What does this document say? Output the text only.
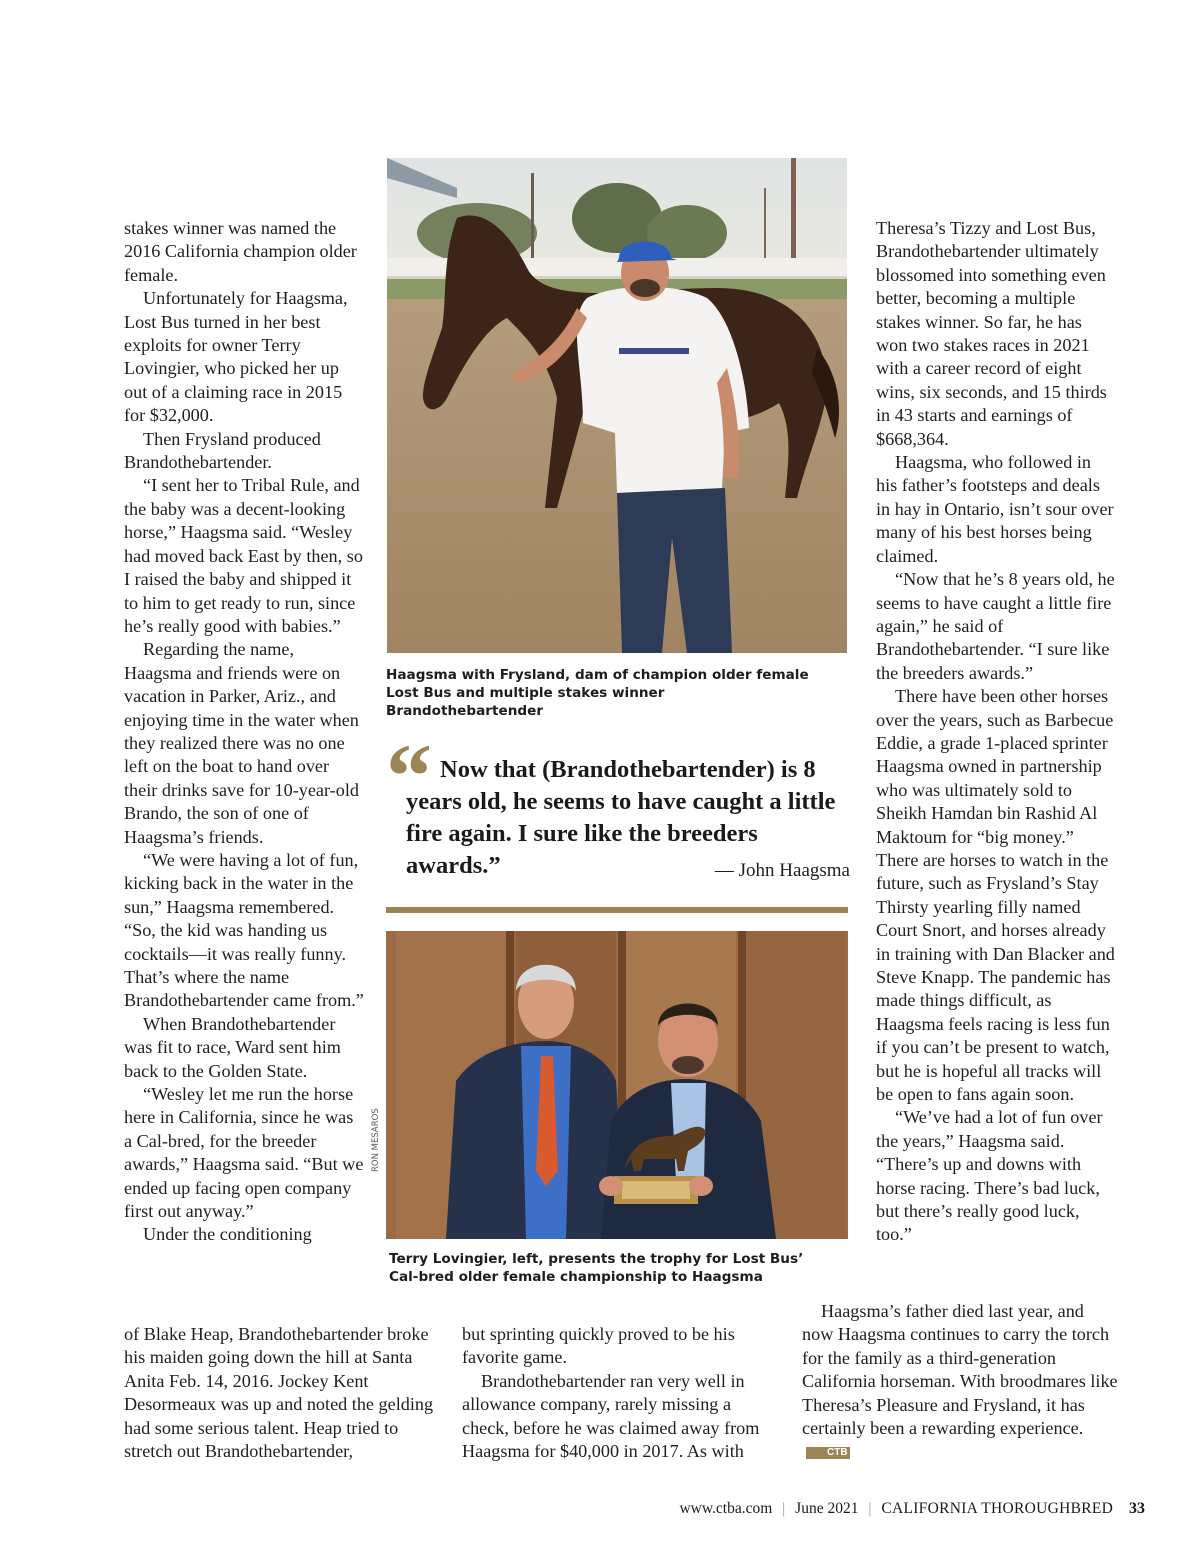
stakes winner was named the 2016 California champion older female.

Unfortunately for Haagsma, Lost Bus turned in her best exploits for owner Terry Lovingier, who picked her up out of a claiming race in 2015 for $32,000.

Then Frysland produced Brandothebartender.

“I sent her to Tribal Rule, and the baby was a decent-looking horse,” Haagsma said. “Wesley had moved back East by then, so I raised the baby and shipped it to him to get ready to run, since he’s really good with babies.”

Regarding the name, Haagsma and friends were on vacation in Parker, Ariz., and enjoying time in the water when they realized there was no one left on the boat to hand over their drinks save for 10-year-old Brando, the son of one of Haagsma’s friends.

“We were having a lot of fun, kicking back in the water in the sun,” Haagsma remembered. “So, the kid was handing us cocktails—it was really funny. That’s where the name Brandothebartender came from.”

When Brandothebartender was fit to race, Ward sent him back to the Golden State.

“Wesley let me run the horse here in California, since he was a Cal-bred, for the breeder awards,” Haagsma said. “But we ended up facing open company first out anyway.”

Under the conditioning

of Blake Heap, Brandothebartender broke his maiden going down the hill at Santa Anita Feb. 14, 2016. Jockey Kent Desormeaux was up and noted the gelding had some serious talent. Heap tried to stretch out Brandothebartender,

but sprinting quickly proved to be his favorite game.

Brandothebartender ran very well in allowance company, rarely missing a check, before he was claimed away from Haagsma for $40,000 in 2017. As with

Theresa’s Tizzy and Lost Bus, Brandothebartender ultimately blossomed into something even better, becoming a multiple stakes winner. So far, he has won two stakes races in 2021 with a career record of eight wins, six seconds, and 15 thirds in 43 starts and earnings of $668,364.

Haagsma, who followed in his father’s footsteps and deals in hay in Ontario, isn’t sour over many of his best horses being claimed.

“Now that he’s 8 years old, he seems to have caught a little fire again,” he said of Brandothebartender. “I sure like the breeders awards.”

There have been other horses over the years, such as Barbecue Eddie, a grade 1-placed sprinter Haagsma owned in partnership who was ultimately sold to Sheikh Hamdan bin Rashid Al Maktoum for “big money.” There are horses to watch in the future, such as Frysland’s Stay Thirsty yearling filly named Court Snort, and horses already in training with Dan Blacker and Steve Knapp. The pandemic has made things difficult, as Haagsma feels racing is less fun if you can’t be present to watch, but he is hopeful all tracks will be open to fans again soon.

“We’ve had a lot of fun over the years,” Haagsma said. “There’s up and downs with horse racing. There’s bad luck, but there’s really good luck, too.”

Haagsma’s father died last year, and now Haagsma continues to carry the torch for the family as a third-generation California horseman. With broodmares like Theresa’s Pleasure and Frysland, it has certainly been a rewarding experience.CTB

Haagsma with Frysland, dam of champion older female Lost Bus and multiple stakes winner Brandothebartender
“ Now that (Brandothebartender) is 8 years old, he seems to have caught a little fire again. I sure like the breeders awards.”	— John Haagsma
RON MESAROS
Terry Lovingier, left, presents the trophy for Lost Bus’ Cal-bred older female championship to Haagsma
www.ctba.com | June 2021 | CALIFORNIA THOROUGHBRED 33
